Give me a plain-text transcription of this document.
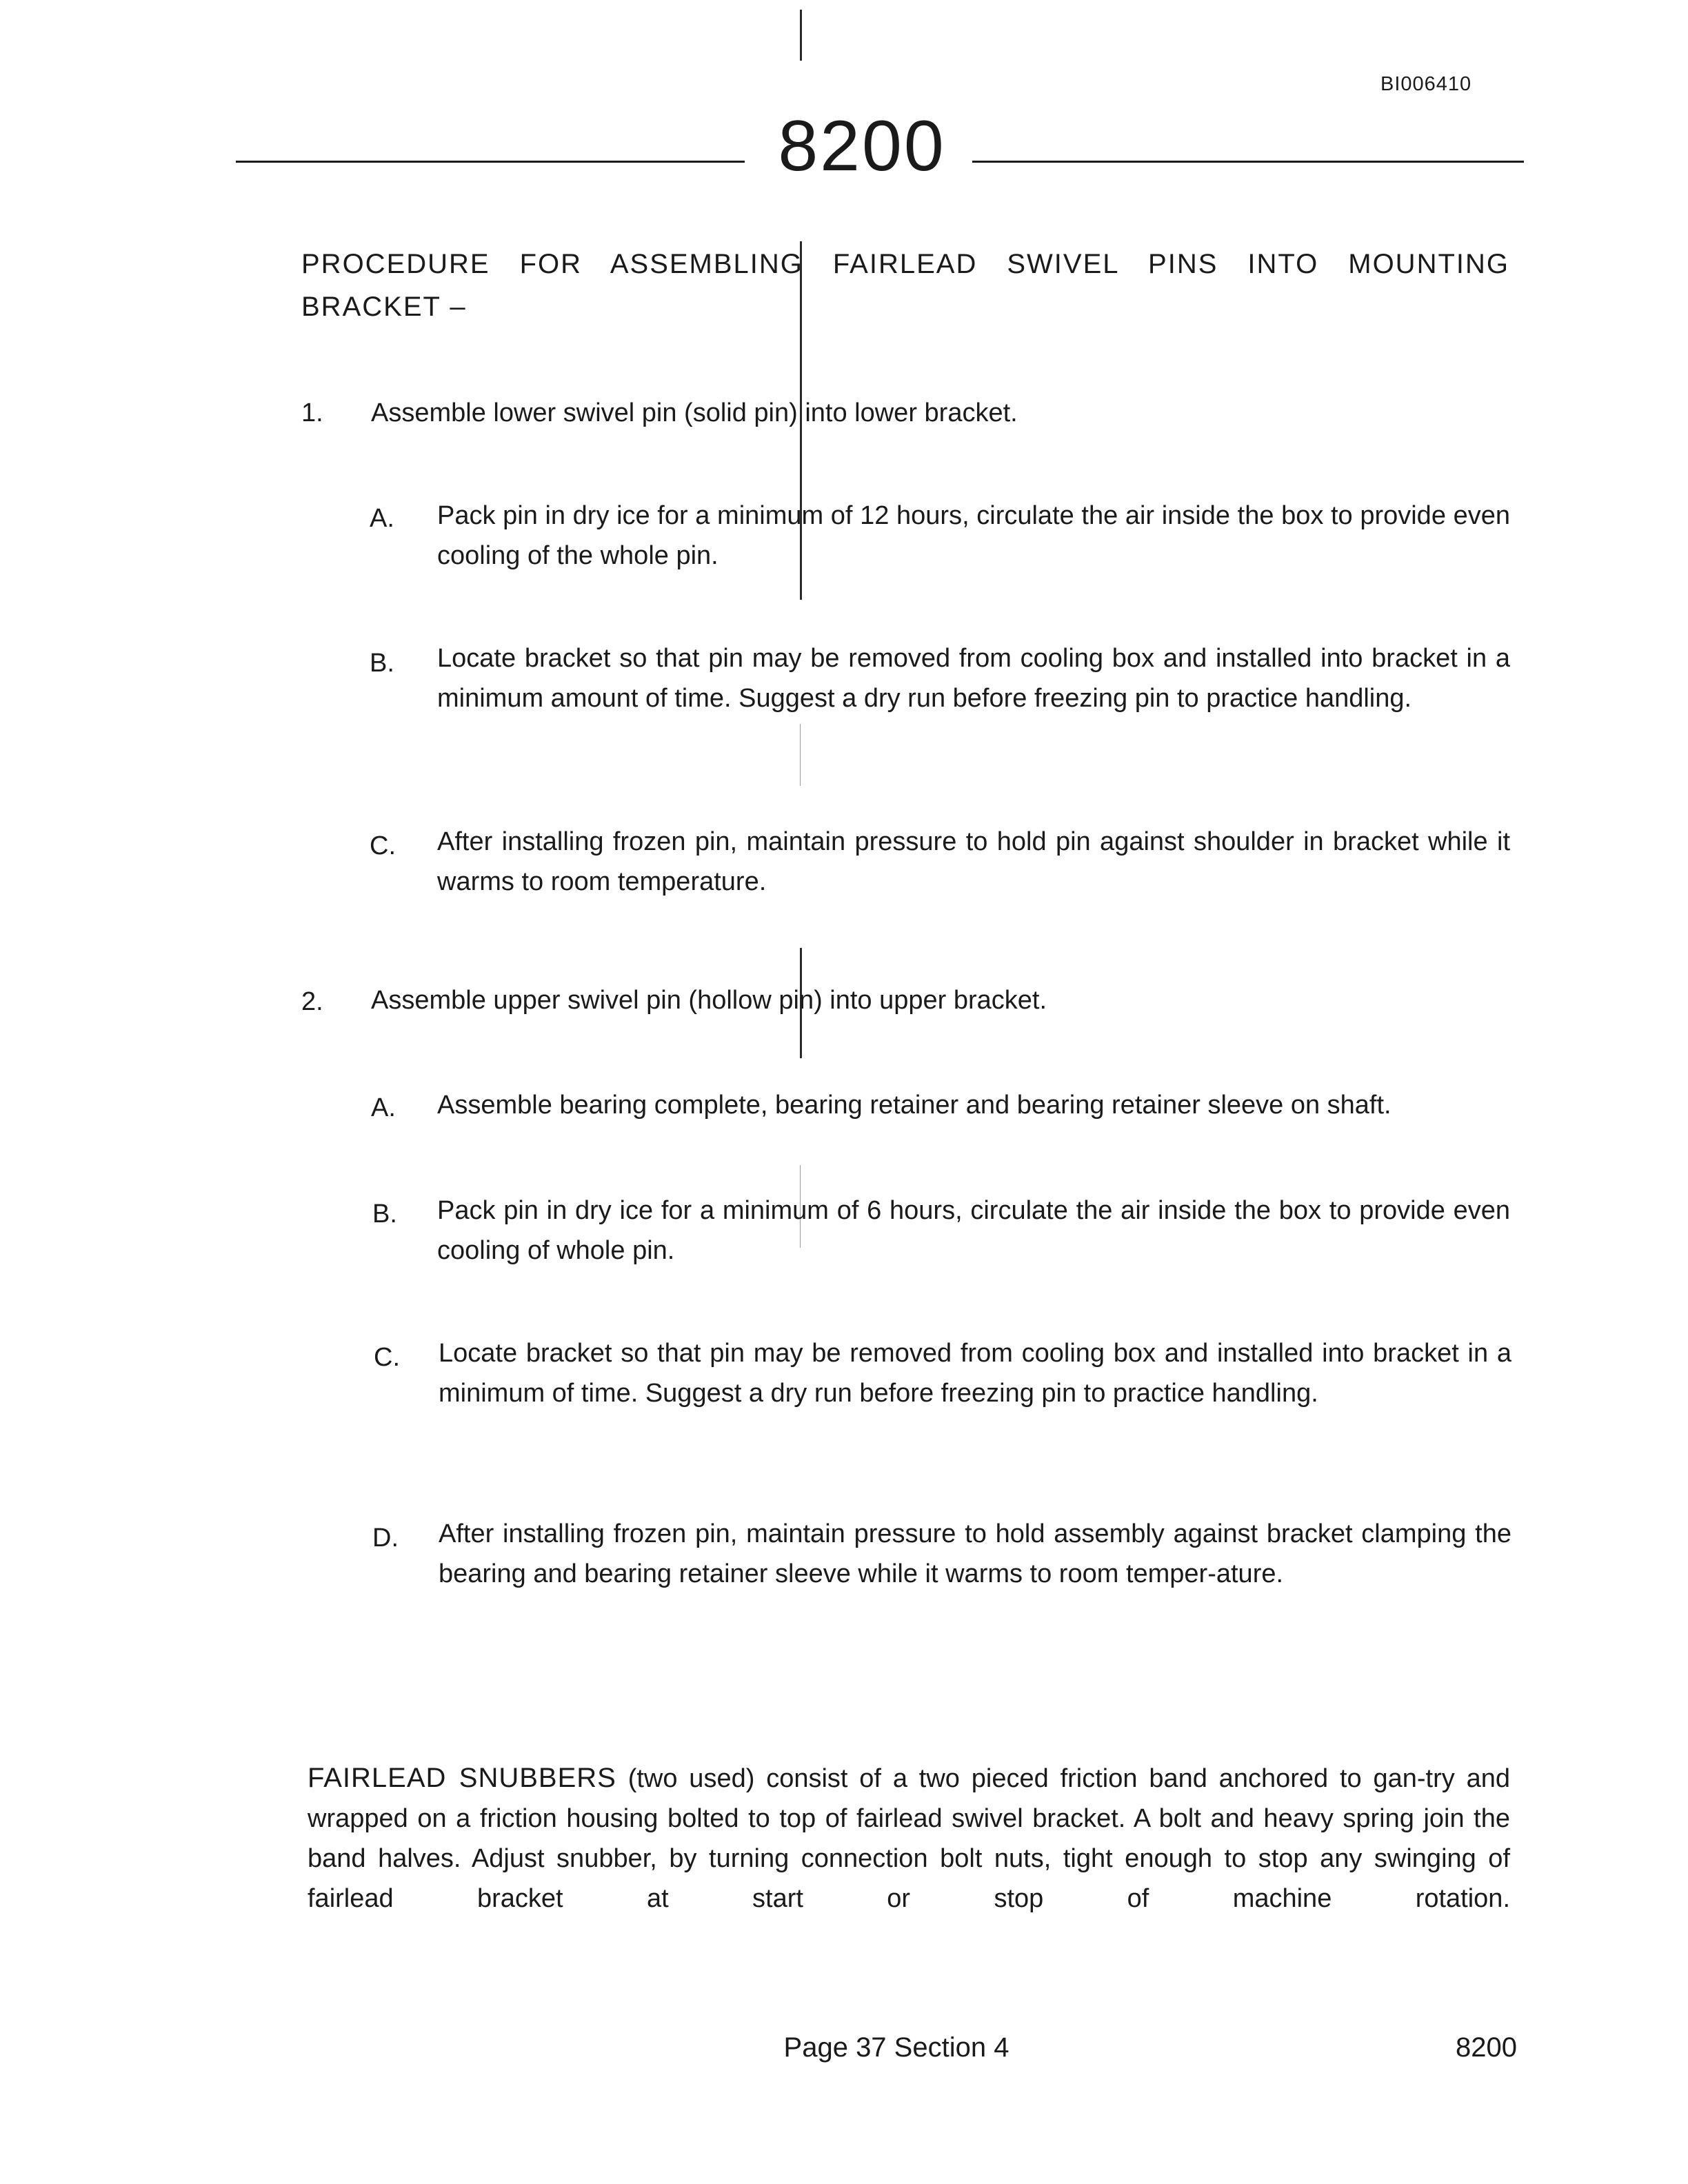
BI006410
8200
PROCEDURE FOR ASSEMBLING FAIRLEAD SWIVEL PINS INTO MOUNTING BRACKET –
1. Assemble lower swivel pin (solid pin) into lower bracket.
A. Pack pin in dry ice for a minimum of 12 hours, circulate the air inside the box to provide even cooling of the whole pin.
B. Locate bracket so that pin may be removed from cooling box and installed into bracket in a minimum amount of time. Suggest a dry run before freezing pin to practice handling.
C. After installing frozen pin, maintain pressure to hold pin against shoulder in bracket while it warms to room temperature.
2. Assemble upper swivel pin (hollow pin) into upper bracket.
A. Assemble bearing complete, bearing retainer and bearing retainer sleeve on shaft.
B. Pack pin in dry ice for a minimum of 6 hours, circulate the air inside the box to provide even cooling of whole pin.
C. Locate bracket so that pin may be removed from cooling box and installed into bracket in a minimum of time. Suggest a dry run before freezing pin to practice handling.
D. After installing frozen pin, maintain pressure to hold assembly against bracket clamping the bearing and bearing retainer sleeve while it warms to room temper-ature.
FAIRLEAD SNUBBERS (two used) consist of a two pieced friction band anchored to gan-try and wrapped on a friction housing bolted to top of fairlead swivel bracket. A bolt and heavy spring join the band halves. Adjust snubber, by turning connection bolt nuts, tight enough to stop any swinging of fairlead bracket at start or stop of machine rotation.
Page 37 Section 4	8200
